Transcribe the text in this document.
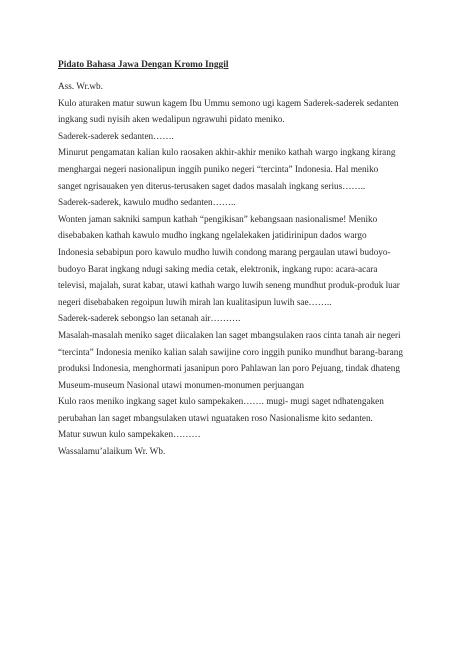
Pidato Bahasa Jawa Dengan Kromo Inggil
Ass. Wr.wb.
Kulo aturaken matur suwun kagem Ibu Ummu semono ugi kagem Saderek-saderek sedanten
ingkang sudi nyisih aken wedalipun ngrawuhi pidato meniko.
Saderek-saderek sedanten…….
Minurut pengamatan kalian kulo raosaken akhir-akhir meniko kathah wargo ingkang kirang
menghargai negeri nasionalipun inggih puniko negeri “tercinta” Indonesia. Hal meniko
sanget ngrisauaken yen diterus-terusaken saget dados masalah ingkang serius……..
Saderek-saderek, kawulo mudho sedanten……..
Wonten jaman sakniki sampun kathah “pengikisan” kebangsaan nasionalisme! Meniko
disebabaken kathah kawulo mudho ingkang ngelalekaken jatidirinipun dados wargo
Indonesia sebabipun poro kawulo mudho luwih condong marang pergaulan utawi budoyo-
budoyo Barat ingkang ndugi saking media cetak, elektronik, ingkang rupo: acara-acara
televisi, majalah, surat kabar, utawi kathah wargo luwih seneng mundhut produk-produk luar
negeri disebabaken regoipun luwih mirah lan kualitasipun luwih sae……..
Saderek-saderek sebongso lan setanah air……….
Masalah-masalah meniko saget diicalaken lan saget mbangsulaken raos cinta tanah air negeri
“tercinta” Indonesia meniko kalian salah sawijine coro inggih puniko mundhut barang-barang
produksi Indonesia, menghormati jasanipun poro Pahlawan lan poro Pejuang, tindak dhateng
Museum-museum Nasional utawi monumen-monumen perjuangan
Kulo raos meniko ingkang saget kulo sampekaken……. mugi- mugi saget ndhatengaken
perubahan lan saget mbangsulaken utawi nguataken roso Nasionalisme kito sedanten.
Matur suwun kulo sampekaken………
Wassalamu’alaikum Wr. Wb.
